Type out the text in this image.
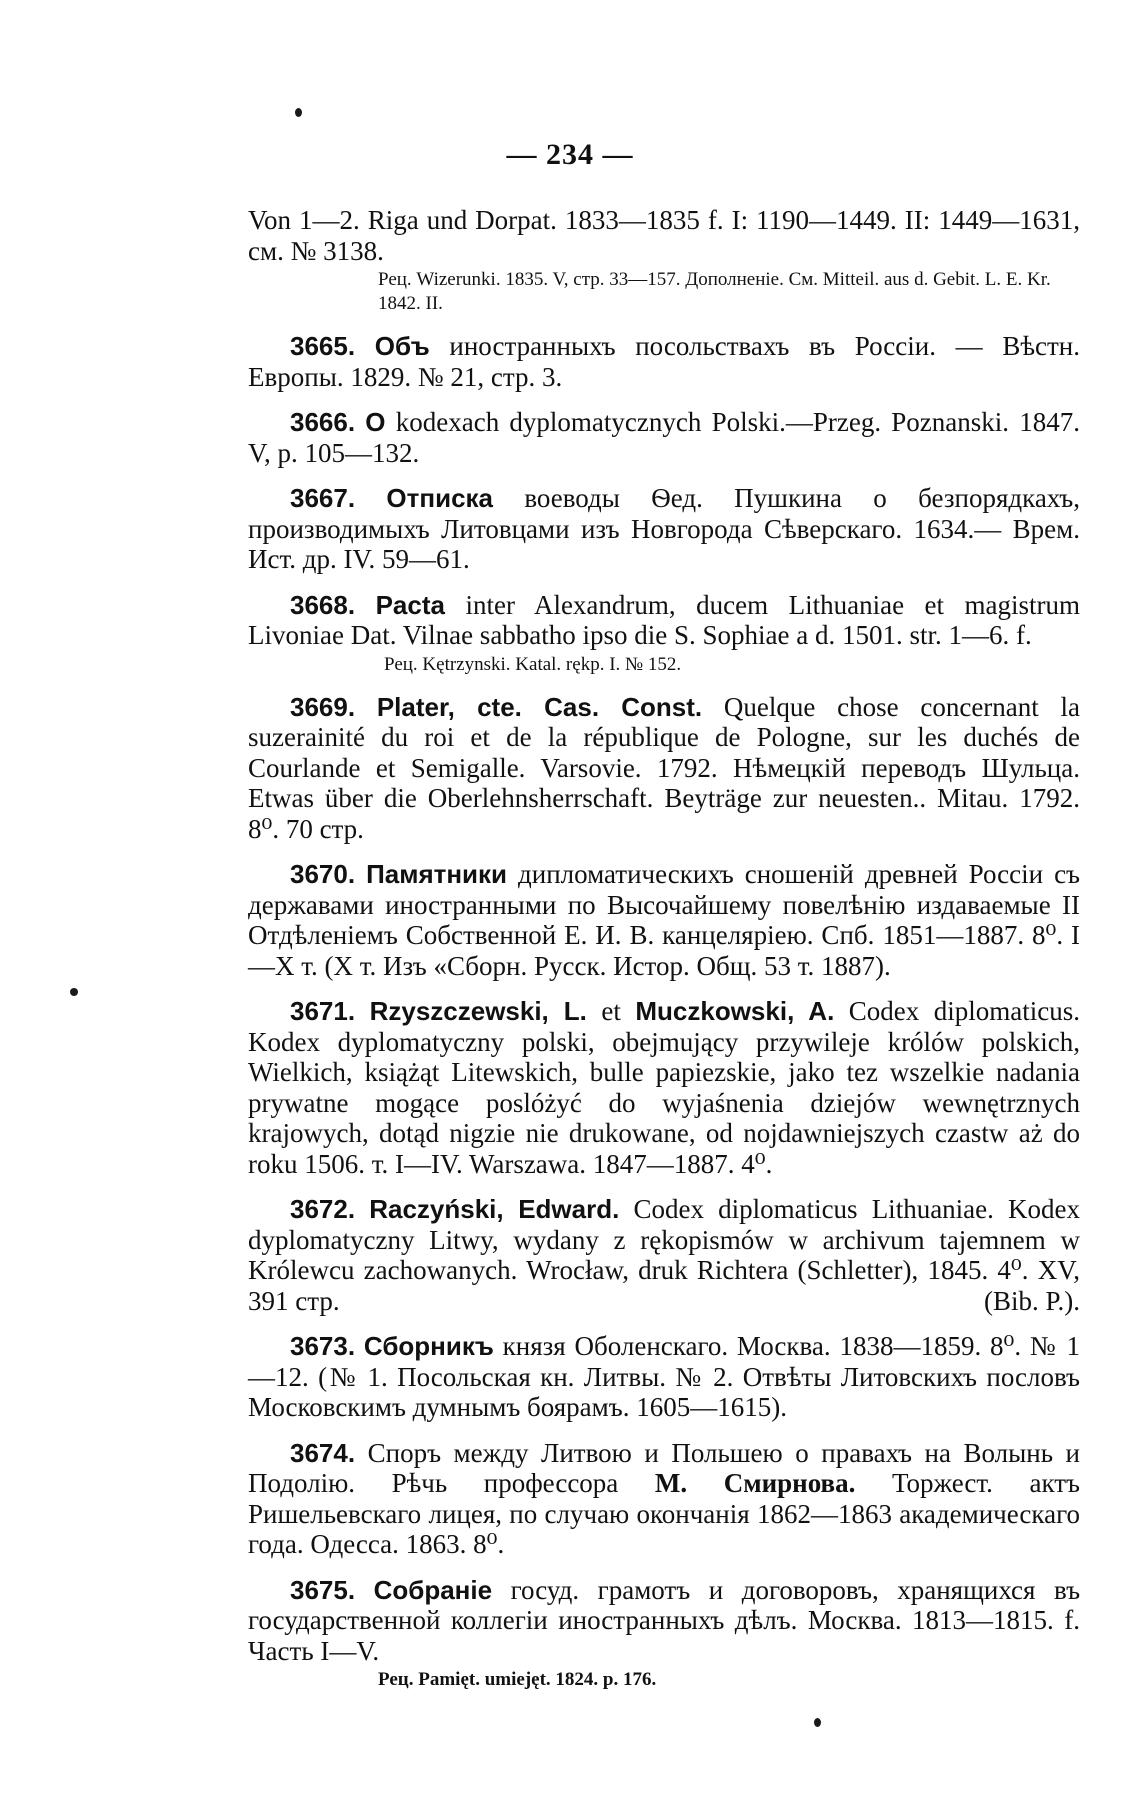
— 234 —

Von 1—2. Riga und Dorpat. 1833—1835 f. I: 1190—1449. II: 1449—1631, см. № 3138.

Рец. Wizerunki. 1835. V, стр. 33—157. Дополненіе. См. Mitteil. aus d. Gebit. L. E. Kr. 1842. II.

3665. Объ иностранныхъ посольствахъ въ Россіи. — Вѣстн. Европы. 1829. № 21, стр. 3.

3666. O kodexach dyplomatycznych Polski.—Przeg. Poznanski. 1847. V, p. 105—132.

3667. Отписка воеводы Ѳед. Пушкина о безпорядкахъ, производимыхъ Литовцами изъ Новгорода Сѣверскаго. 1634.— Врем. Ист. др. IV. 59—61.

3668. Pacta inter Alexandrum, ducem Lithuaniae et magistrum Livoniae Dat. Vilnae sabbatho ipso die S. Sophiae a d. 1501. str. 1—6. f.

Рец. Kętrzynski. Katal. rękp. I. № 152.

3669. Plater, cte. Cas. Const. Quelque chose concernant la suzerainité du roi et de la république de Pologne, sur les duchés de Courlande et Semigalle. Varsovie. 1792. Нѣмецкій переводъ Шульца. Etwas über die Oberlehnsherrschaft. Beyträge zur neuesten.. Mitau. 1792. 8⁰. 70 стр.

3670. Памятники дипломатическихъ сношеній древней Россіи съ державами иностранными по Высочайшему повелѣнію издаваемые II Отдѣленіемъ Собственной Е. И. В. канцеляріею. Спб. 1851—1887. 8⁰. I—X т. (X т. Изъ «Сборн. Русск. Истор. Общ. 53 т. 1887).

3671. Rzyszczewski, L. et Muczkowski, A. Codex diplomaticus. Kodex dyplomatyczny polski, obejmujący przywileje królów polskich, Wielkich, książąt Litewskich, bulle papiezskie, jako tez wszelkie nadania prywatne mogące poslóżyć do wyjaśnenia dziejów wewnętrznych krajowych, dotąd nigzie nie drukowane, od nojdawniejszych czastw aż do roku 1506. т. I—IV. Warszawa. 1847—1887. 4⁰.

3672. Raczyński, Edward. Codex diplomaticus Lithuaniae. Kodex dyplomatyczny Litwy, wydany z rękopismów w archivum tajemnem w Królewcu zachowanych. Wrocław, druk Richtera (Schletter), 1845. 4⁰. XV, 391 стр.	(Bib. P.).

3673. Сборникъ князя Оболенскаго. Москва. 1838—1859. 8⁰. № 1—12. (№ 1. Посольская кн. Литвы. № 2. Отвѣты Литовскихъ пословъ Московскимъ думнымъ боярамъ. 1605—1615).

3674. Споръ между Литвою и Польшею о правахъ на Волынь и Подолію. Рѣчь профессора М. Смирнова. Торжест. актъ Ришельевскаго лицея, по случаю окончанія 1862—1863 академическаго года. Одесса. 1863. 8⁰.

3675. Собраніе госуд. грамотъ и договоровъ, хранящихся въ государственной коллегіи иностранныхъ дѣлъ. Москва. 1813—1815. f. Часть I—V.

Рец. Pamięt. umiejęt. 1824. p. 176.
